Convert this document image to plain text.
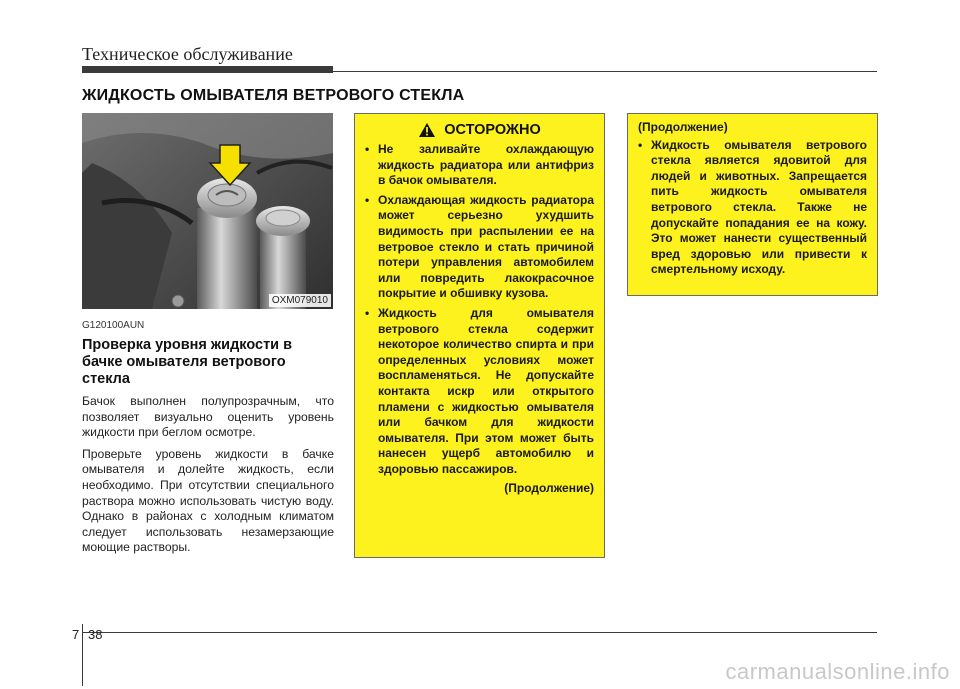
Техническое обслуживание
ЖИДКОСТЬ ОМЫВАТЕЛЯ ВЕТРОВОГО СТЕКЛА
OXM079010
G120100AUN
Проверка уровня жидкости в бачке омывателя ветрового стекла

Бачок выполнен полупрозрачным, что позволяет визуально оценить уровень жидкости при беглом осмотре.

Проверьте уровень жидкости в бачке омывателя и долейте жидкость, если необходимо. При отсутствии специального раствора можно использовать чистую воду. Однако в районах с холодным климатом следует использовать незамерзающие моющие растворы.

ОСТОРОЖНО
• Не заливайте охлаждающую жидкость радиатора или антифриз в бачок омывателя.
• Охлаждающая жидкость радиатора может серьезно ухудшить видимость при распылении ее на ветровое стекло и стать причиной потери управления автомобилем или повредить лакокрасочное покрытие и обшивку кузова.
• Жидкость для омывателя ветрового стекла содержит некоторое количество спирта и при определенных условиях может воспламеняться. Не допускайте контакта искр или открытого пламени с жидкостью омывателя или бачком для жидкости омывателя. При этом может быть нанесен ущерб автомобилю и здоровью пассажиров.
(Продолжение)
(Продолжение)
• Жидкость омывателя ветрового стекла является ядовитой для людей и животных. Запрещается пить жидкость омывателя ветрового стекла. Также не допускайте попадания ее на кожу. Это может нанести существенный вред здоровью или привести к смертельному исходу.
7 38
carmanualsonline.info
